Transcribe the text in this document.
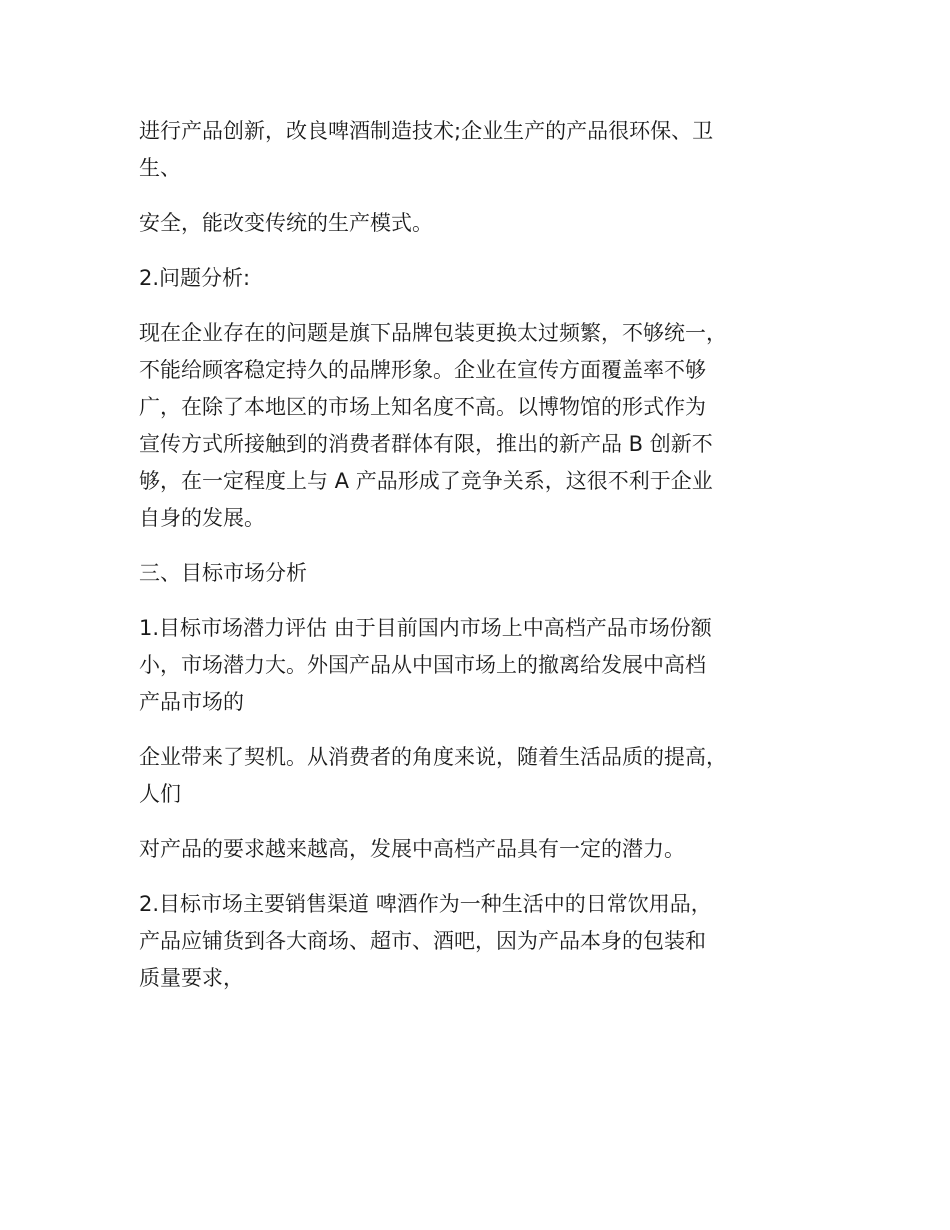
进行产品创新，改良啤酒制造技术;企业生产的产品很环保、卫
生、

安全，能改变传统的生产模式。

2.问题分析:

现在企业存在的问题是旗下品牌包装更换太过频繁，不够统一，
不能给顾客稳定持久的品牌形象。企业在宣传方面覆盖率不够
广，在除了本地区的市场上知名度不高。以博物馆的形式作为
宣传方式所接触到的消费者群体有限，推出的新产品 B 创新不
够，在一定程度上与 A 产品形成了竞争关系，这很不利于企业
自身的发展。

三、目标市场分析

1.目标市场潜力评估 由于目前国内市场上中高档产品市场份额
小，市场潜力大。外国产品从中国市场上的撤离给发展中高档
产品市场的

企业带来了契机。从消费者的角度来说，随着生活品质的提高，
人们

对产品的要求越来越高，发展中高档产品具有一定的潜力。

2.目标市场主要销售渠道 啤酒作为一种生活中的日常饮用品，
产品应铺货到各大商场、超市、酒吧，因为产品本身的包装和
质量要求，
